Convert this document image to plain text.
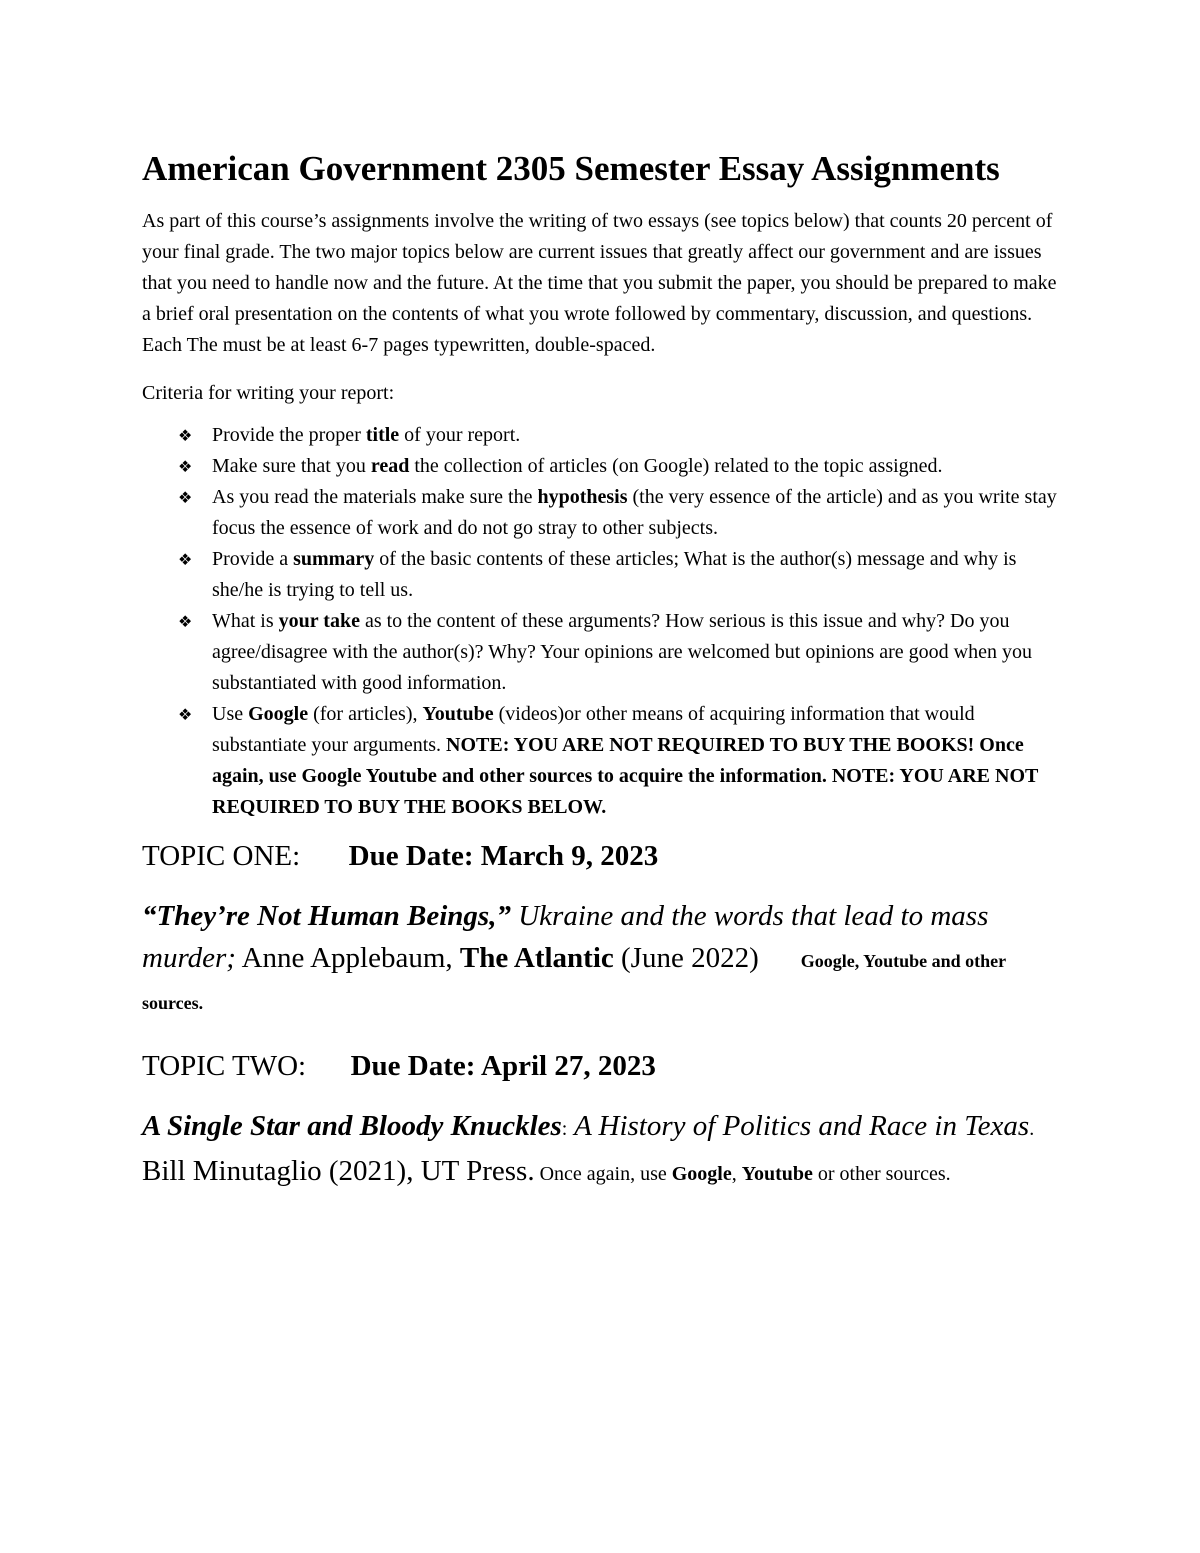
American Government 2305 Semester Essay Assignments

As part of this course’s assignments involve the writing of two essays (see topics below) that counts 20 percent of your final grade. The two major topics below are current issues that greatly affect our government and are issues that you need to handle now and the future. At the time that you submit the paper, you should be prepared to make a brief oral presentation on the contents of what you wrote followed by commentary, discussion, and questions. Each The must be at least 6-7 pages typewritten, double-spaced.

Criteria for writing your report:

❖ Provide the proper title of your report.
❖ Make sure that you read the collection of articles (on Google) related to the topic assigned.
❖ As you read the materials make sure the hypothesis (the very essence of the article) and as you write stay focus the essence of work and do not go stray to other subjects.
❖ Provide a summary of the basic contents of these articles; What is the author(s) message and why is she/he is trying to tell us.
❖ What is your take as to the content of these arguments? How serious is this issue and why? Do you agree/disagree with the author(s)? Why? Your opinions are welcomed but opinions are good when you substantiated with good information.
❖ Use Google (for articles), Youtube (videos)or other means of acquiring information that would substantiate your arguments. NOTE: YOU ARE NOT REQUIRED TO BUY THE BOOKS! Once again, use Google Youtube and other sources to acquire the information. NOTE: YOU ARE NOT REQUIRED TO BUY THE BOOKS BELOW.
TOPIC ONE: Due Date: March 9, 2023
“They’re Not Human Beings,” Ukraine and the words that lead to mass murder; Anne Applebaum, The Atlantic (June 2022) Google, Youtube and other sources.
TOPIC TWO: Due Date: April 27, 2023
A Single Star and Bloody Knuckles: A History of Politics and Race in Texas. Bill Minutaglio (2021), UT Press. Once again, use Google, Youtube or other sources.
